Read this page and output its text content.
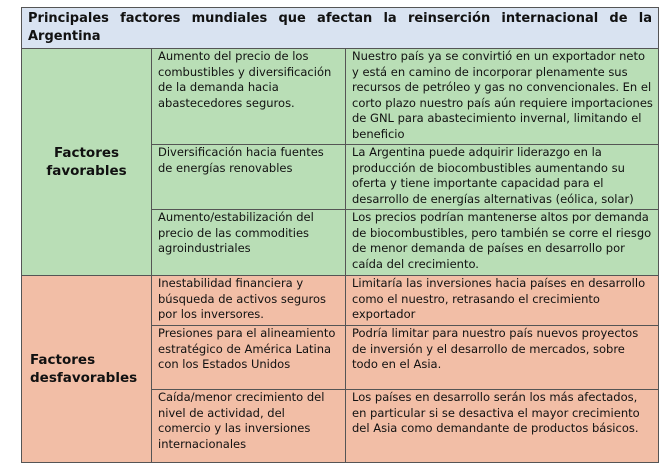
Principales factores mundiales que afectan la reinserción internacional de la Argentina		
Factores favorables	Aumento del precio de los combustibles y diversificación de la demanda hacia abastecedores seguros.	Nuestro país ya se convirtió en un exportador neto y está en camino de incorporar plenamente sus recursos de petróleo y gas no convencionales. En el corto plazo nuestro país aún requiere importaciones de GNL para abastecimiento invernal, limitando el beneficio
	Diversificación hacia fuentes de energías renovables	La Argentina puede adquirir liderazgo en la producción de biocombustibles aumentando su oferta y tiene importante capacidad para el desarrollo de energías alternativas (eólica, solar)
	Aumento/estabilización del precio de las commodities agroindustriales	Los precios podrían mantenerse altos por demanda de biocombustibles, pero también se corre el riesgo de menor demanda de países en desarrollo por caída del crecimiento.
Factores desfavorables	Inestabilidad financiera y búsqueda de activos seguros por los inversores.	Limitaría las inversiones hacia países en desarrollo como el nuestro, retrasando el crecimiento exportador
	Presiones para el alineamiento estratégico de América Latina con los Estados Unidos	Podría limitar para nuestro país nuevos proyectos de inversión y el desarrollo de mercados, sobre todo en el Asia.
	Caída/menor crecimiento del nivel de actividad, del comercio y las inversiones internacionales	Los países en desarrollo serán los más afectados, en particular si se desactiva el mayor crecimiento del Asia como demandante de productos básicos.
